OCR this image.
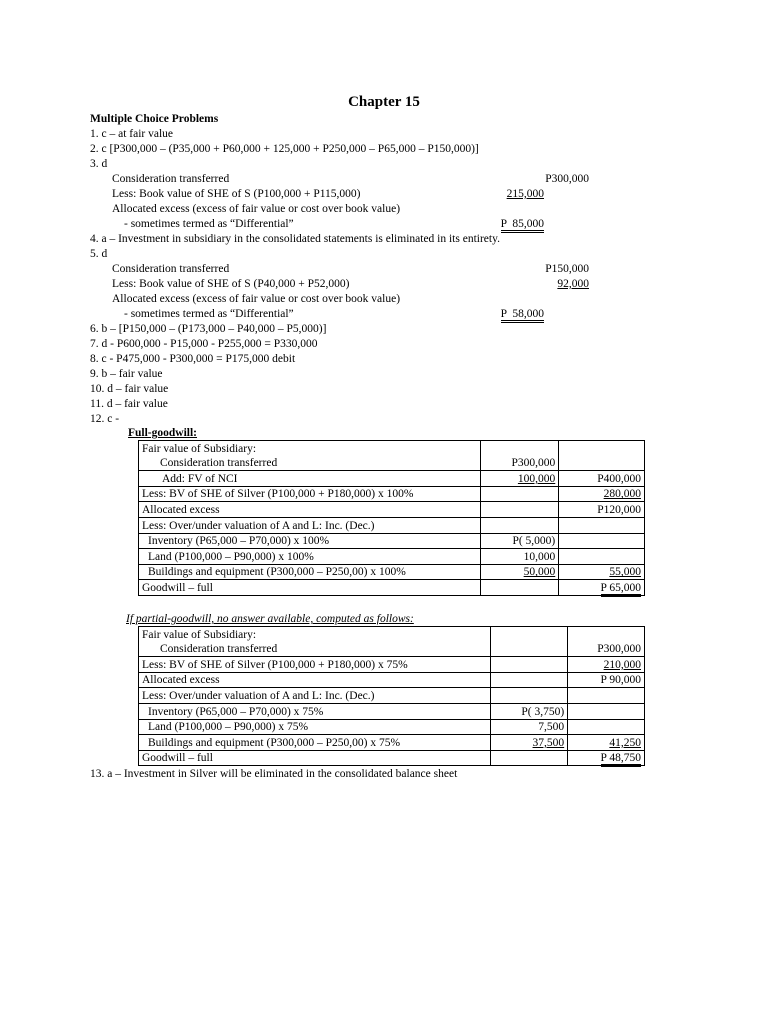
Chapter 15
Multiple Choice Problems
1. c – at fair value
2. c [P300,000 – (P35,000 + P60,000 + 125,000 + P250,000 – P65,000 – P150,000)]
3. d
Consideration transferred	P300,000
Less: Book value of SHE of S (P100,000 + P115,000)	215,000
Allocated excess (excess of fair value or cost over book value)
- sometimes termed as “Differential”	P  85,000
4. a – Investment in subsidiary in the consolidated statements is eliminated in its entirety.
5. d
Consideration transferred	P150,000
Less: Book value of SHE of S (P40,000 + P52,000)	92,000
Allocated excess (excess of fair value or cost over book value)
- sometimes termed as “Differential”	P  58,000
6. b – [P150,000 – (P173,000 – P40,000 – P5,000)]
7. d - P600,000 - P15,000 - P255,000 = P330,000
8. c - P475,000 - P300,000 = P175,000 debit
9. b – fair value
10. d – fair value
11. d – fair value
12. c -
Full-goodwill:
Fair value of Subsidiary:		
Consideration transferred	P300,000	
Add: FV of NCI	100,000	P400,000
Less: BV of SHE of Silver (P100,000 + P180,000) x 100%		280,000
Allocated excess		P120,000
Less: Over/under valuation of A and L: Inc. (Dec.)		
Inventory (P65,000 – P70,000) x 100%	P( 5,000)	
Land (P100,000 – P90,000) x 100%	10,000	
Buildings and equipment (P300,000 – P250,00) x 100%	50,000	55,000
Goodwill – full		P 65,000
If partial-goodwill, no answer available, computed as follows:
Fair value of Subsidiary:		
Consideration transferred		P300,000
Less: BV of SHE of Silver (P100,000 + P180,000) x 75%		210,000
Allocated excess		P 90,000
Less: Over/under valuation of A and L: Inc. (Dec.)		
Inventory (P65,000 – P70,000) x 75%	P( 3,750)	
Land (P100,000 – P90,000) x 75%	7,500	
Buildings and equipment (P300,000 – P250,00) x 75%	37,500	41,250
Goodwill – full		P 48,750
13. a – Investment in Silver will be eliminated in the consolidated balance sheet
